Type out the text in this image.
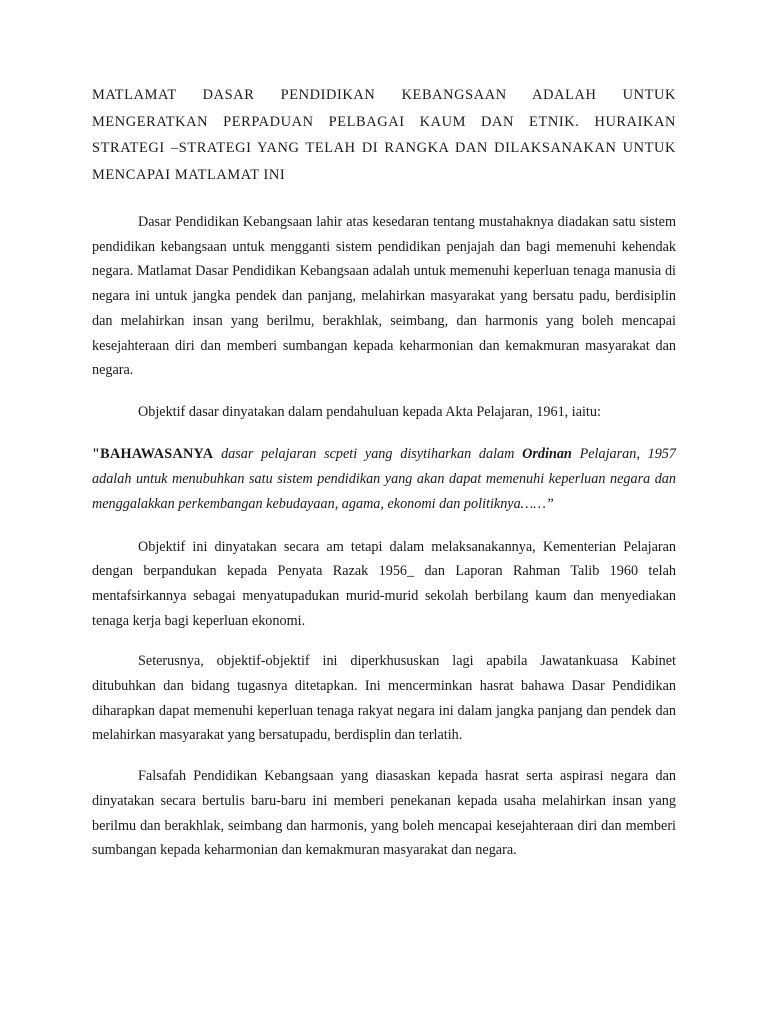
MATLAMAT DASAR PENDIDIKAN KEBANGSAAN ADALAH UNTUK MENGERATKAN PERPADUAN PELBAGAI KAUM DAN ETNIK. HURAIKAN STRATEGI –STRATEGI YANG TELAH DI RANGKA DAN DILAKSANAKAN UNTUK MENCAPAI MATLAMAT INI

Dasar Pendidikan Kebangsaan lahir atas kesedaran tentang mustahaknya diadakan satu sistem pendidikan kebangsaan untuk mengganti sistem pendidikan penjajah dan bagi memenuhi kehendak negara. Matlamat Dasar Pendidikan Kebangsaan adalah untuk memenuhi keperluan tenaga manusia di negara ini untuk jangka pendek dan panjang, melahirkan masyarakat yang bersatu padu, berdisiplin dan melahirkan insan yang berilmu, berakhlak, seimbang, dan harmonis yang boleh mencapai kesejahteraan diri dan memberi sumbangan kepada keharmonian dan kemakmuran masyarakat dan negara.

Objektif dasar dinyatakan dalam pendahuluan kepada Akta Pelajaran, 1961, iaitu:

"BAHAWASANYA dasar pelajaran scpeti yang disytiharkan dalam Ordinan Pelajaran, 1957 adalah untuk menubuhkan satu sistem pendidikan yang akan dapat memenuhi keperluan negara dan menggalakkan perkembangan kebudayaan, agama, ekonomi dan politiknya……”

Objektif ini dinyatakan secara am tetapi dalam melaksanakannya, Kementerian Pelajaran dengan berpandukan kepada Penyata Razak 1956_ dan Laporan Rahman Talib 1960 telah mentafsirkannya sebagai menyatupadukan murid-murid sekolah berbilang kaum dan menyediakan tenaga kerja bagi keperluan ekonomi.

Seterusnya, objektif-objektif ini diperkhususkan lagi apabila Jawatankuasa Kabinet ditubuhkan dan bidang tugasnya ditetapkan. Ini mencerminkan hasrat bahawa Dasar Pendidikan diharapkan dapat memenuhi keperluan tenaga rakyat negara ini dalam jangka panjang dan pendek dan melahirkan masyarakat yang bersatupadu, berdisplin dan terlatih.

Falsafah Pendidikan Kebangsaan yang diasaskan kepada hasrat serta aspirasi negara dan dinyatakan secara bertulis baru-baru ini memberi penekanan kepada usaha melahirkan insan yang berilmu dan berakhlak, seimbang dan harmonis, yang boleh mencapai kesejahteraan diri dan memberi sumbangan kepada keharmonian dan kemakmuran masyarakat dan negara.
